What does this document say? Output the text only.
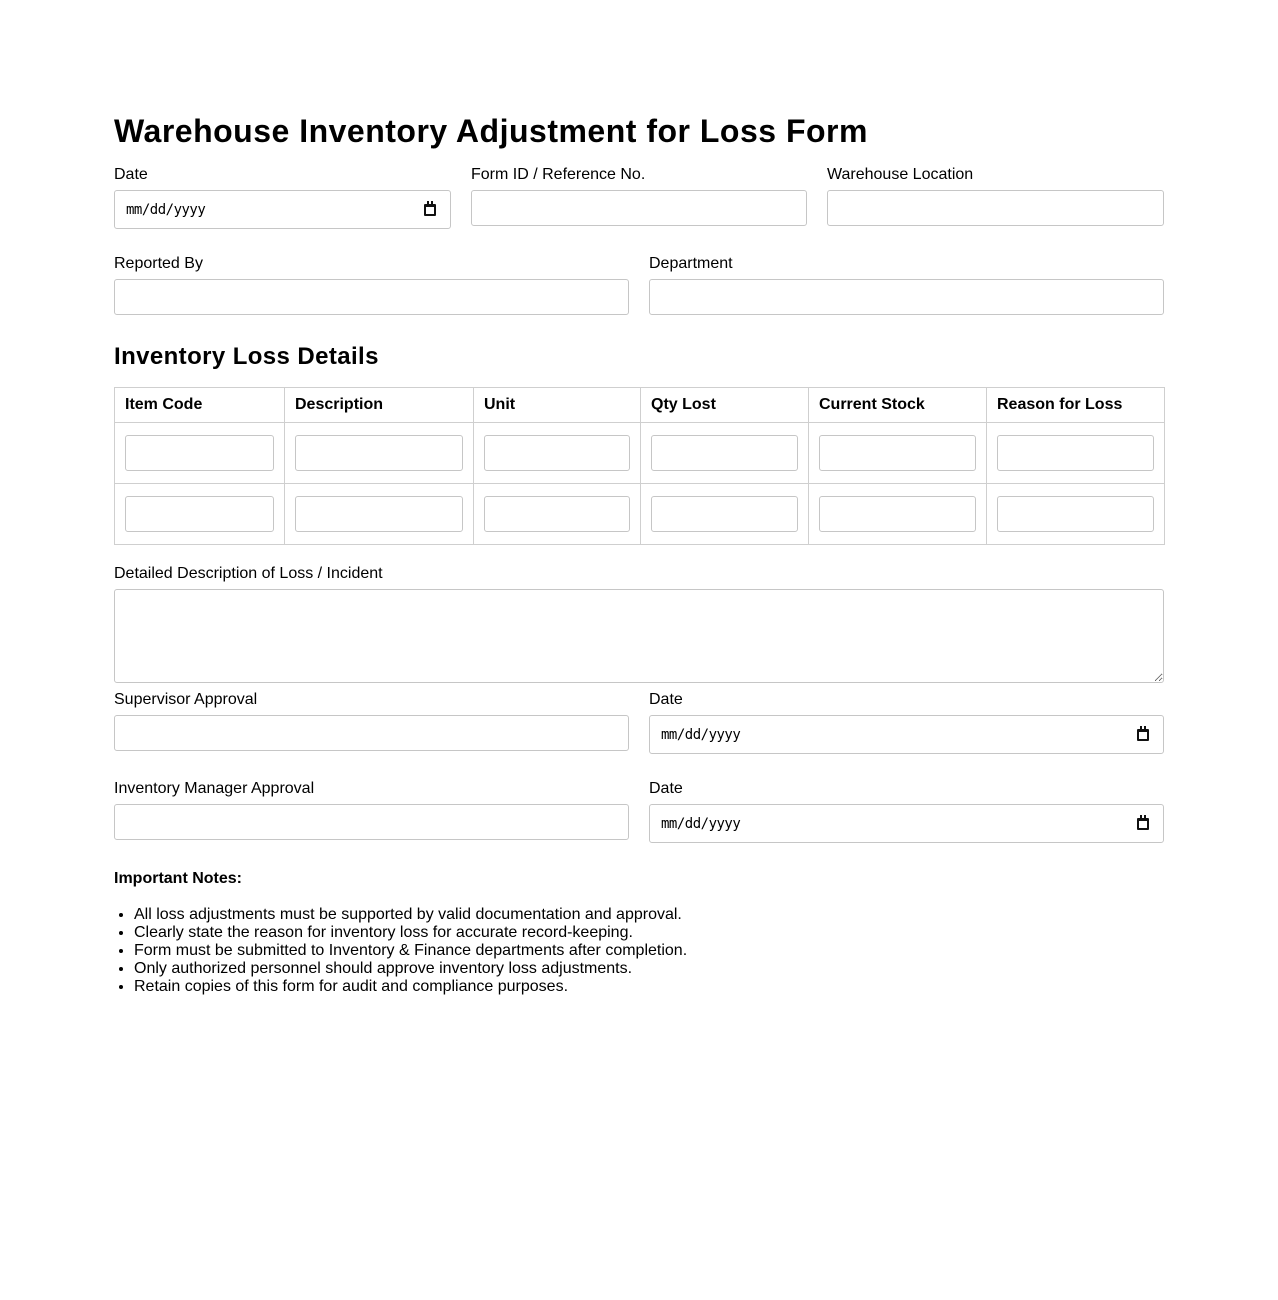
Warehouse Inventory Adjustment for Loss Form
Date
mm/dd/yyyy
Form ID / Reference No.	Warehouse Location
Reported By	Department
Inventory Loss Details
Item Code	Description	Unit	Qty Lost	Current Stock	Reason for Loss

Detailed Description of Loss / Incident
Supervisor Approval	Date
mm/dd/yyyy
Inventory Manager Approval	Date
mm/dd/yyyy
Important Notes:
• All loss adjustments must be supported by valid documentation and approval.
• Clearly state the reason for inventory loss for accurate record-keeping.
• Form must be submitted to Inventory & Finance departments after completion.
• Only authorized personnel should approve inventory loss adjustments.
• Retain copies of this form for audit and compliance purposes.
